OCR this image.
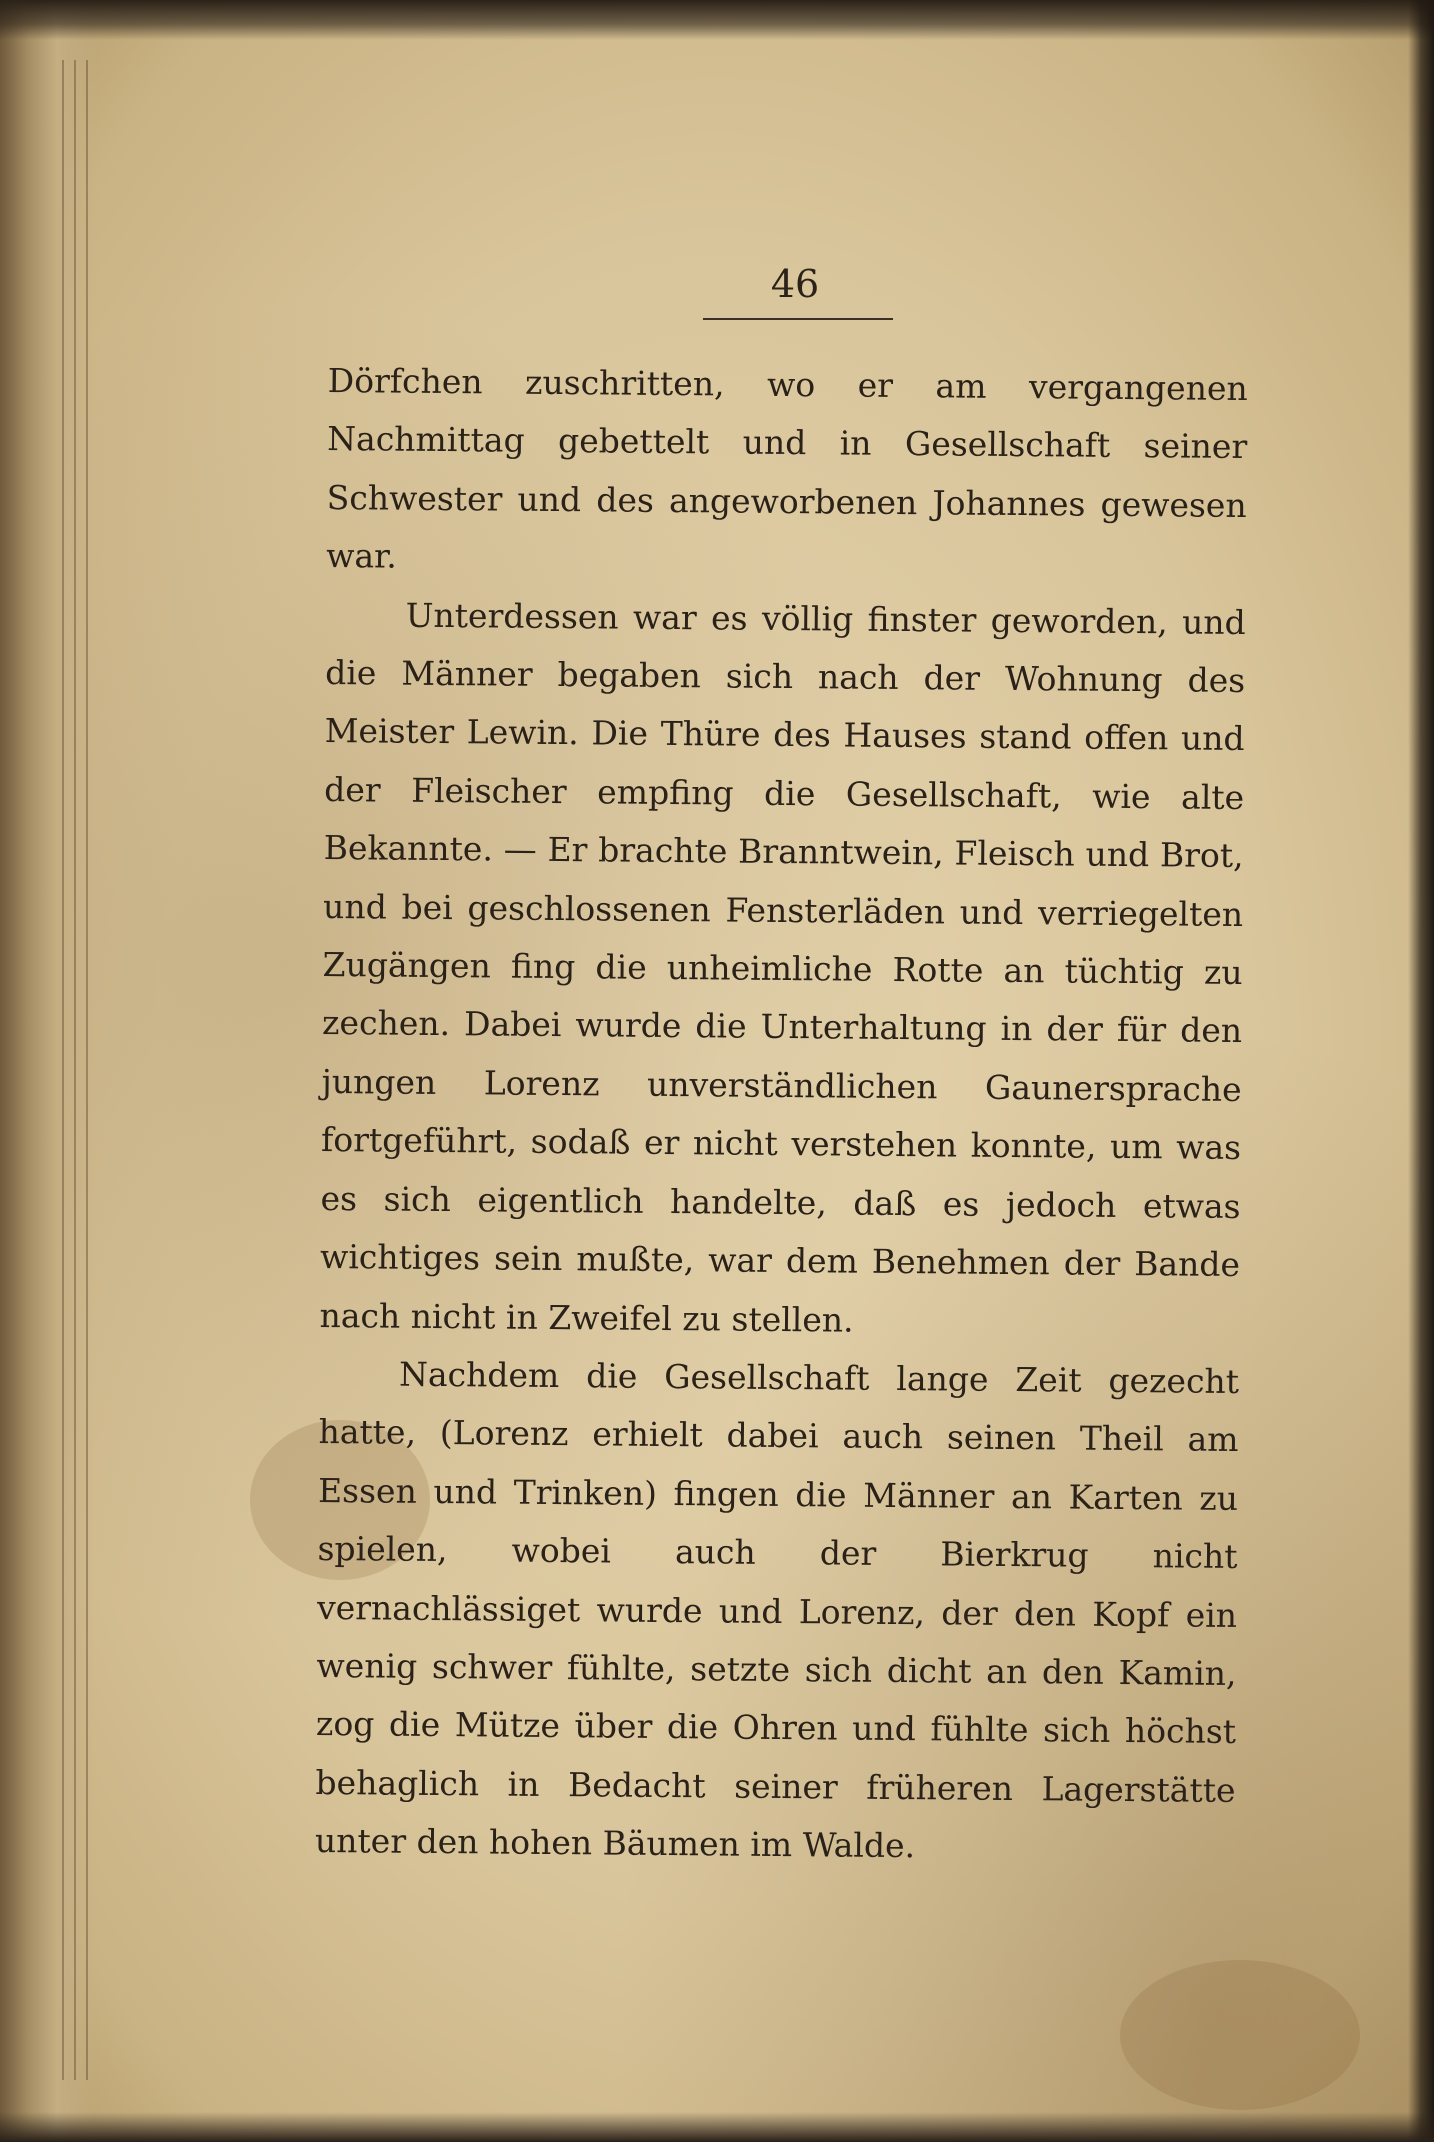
46

Dörfchen zuschritten, wo er am vergangenen Nachmittag gebettelt und in Gesellschaft seiner Schwester und des angeworbenen Johannes gewesen war.

Unterdessen war es völlig finster geworden, und die Männer begaben sich nach der Wohnung des Meister Lewin. Die Thüre des Hauses stand offen und der Fleischer empfing die Gesellschaft, wie alte Bekannte. — Er brachte Branntwein, Fleisch und Brot, und bei geschlossenen Fensterläden und verriegelten Zugängen fing die unheimliche Rotte an tüchtig zu zechen. Dabei wurde die Unterhaltung in der für den jungen Lorenz unverständlichen Gaunersprache fortgeführt, sodaß er nicht verstehen konnte, um was es sich eigentlich handelte, daß es jedoch etwas wichtiges sein mußte, war dem Benehmen der Bande nach nicht in Zweifel zu stellen.

Nachdem die Gesellschaft lange Zeit gezecht hatte, (Lorenz erhielt dabei auch seinen Theil am Essen und Trinken) fingen die Männer an Karten zu spielen, wobei auch der Bierkrug nicht vernachlässiget wurde und Lorenz, der den Kopf ein wenig schwer fühlte, setzte sich dicht an den Kamin, zog die Mütze über die Ohren und fühlte sich höchst behaglich in Bedacht seiner früheren Lagerstätte unter den hohen Bäumen im Walde.
